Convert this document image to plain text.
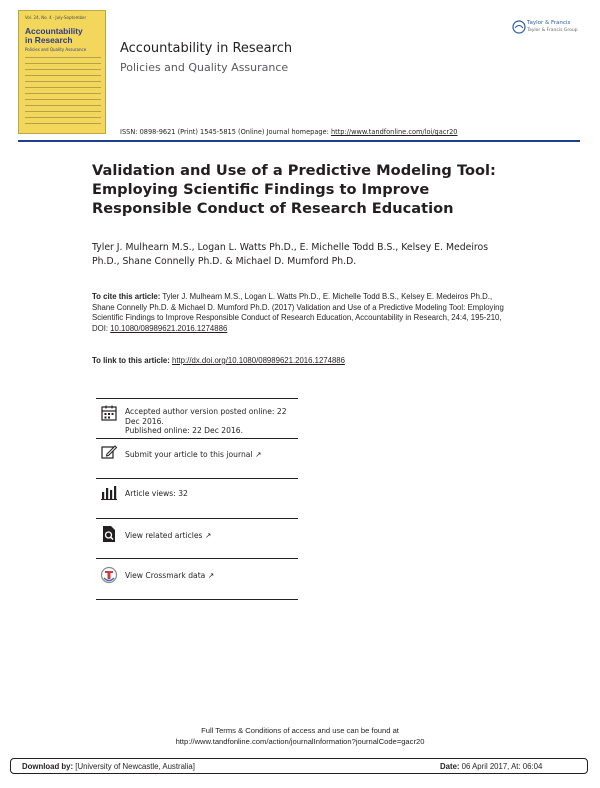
Vol. 24, No. 4 · July-September
Accountability
in Research
Policies and Quality Assurance	Accountability in Research
Policies and Quality Assurance
Taylor & Francis
Taylor & Francis Group
ISSN: 0898-9621 (Print) 1545-5815 (Online) Journal homepage: http://www.tandfonline.com/loi/gacr20
Validation and Use of a Predictive Modeling Tool: Employing Scientific Findings to Improve Responsible Conduct of Research Education
Tyler J. Mulhearn M.S., Logan L. Watts Ph.D., E. Michelle Todd B.S., Kelsey E. Medeiros Ph.D., Shane Connelly Ph.D. & Michael D. Mumford Ph.D.
To cite this article: Tyler J. Mulhearn M.S., Logan L. Watts Ph.D., E. Michelle Todd B.S., Kelsey E. Medeiros Ph.D., Shane Connelly Ph.D. & Michael D. Mumford Ph.D. (2017) Validation and Use of a Predictive Modeling Tool: Employing Scientific Findings to Improve Responsible Conduct of Research Education, Accountability in Research, 24:4, 195-210, DOI: 10.1080/08989621.2016.1274886
To link to this article: http://dx.doi.org/10.1080/08989621.2016.1274886
Accepted author version posted online: 22 Dec 2016.
Published online: 22 Dec 2016.
Submit your article to this journal ↗
Article views: 32
View related articles ↗
View Crossmark data ↗
Full Terms & Conditions of access and use can be found at
http://www.tandfonline.com/action/journalInformation?journalCode=gacr20
Download by: [University of Newcastle, Australia]	Date: 06 April 2017, At: 06:04
